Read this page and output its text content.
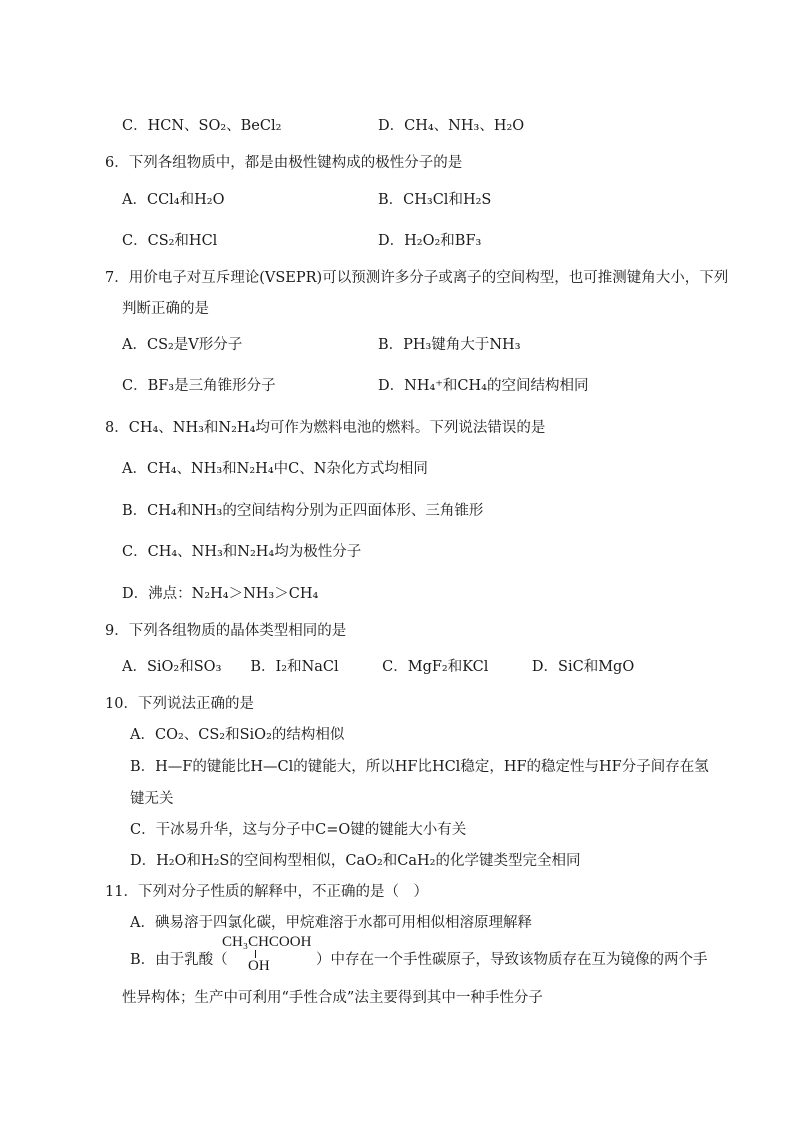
C．HCN、SO₂、BeCl₂	D．CH₄、NH₃、H₂O
6．下列各组物质中，都是由极性键构成的极性分子的是
A．CCl₄和H₂O	B．CH₃Cl和H₂S
C．CS₂和HCl	D．H₂O₂和BF₃
7．用价电子对互斥理论(VSEPR)可以预测许多分子或离子的空间构型，也可推测键角大小，下列
判断正确的是
A．CS₂是V形分子	B．PH₃键角大于NH₃
C．BF₃是三角锥形分子	D．NH₄⁺和CH₄的空间结构相同
8．CH₄、NH₃和N₂H₄均可作为燃料电池的燃料。下列说法错误的是
A．CH₄、NH₃和N₂H₄中C、N杂化方式均相同
B．CH₄和NH₃的空间结构分别为正四面体形、三角锥形
C．CH₄、NH₃和N₂H₄均为极性分子
D．沸点：N₂H₄＞NH₃＞CH₄
9．下列各组物质的晶体类型相同的是
A．SiO₂和SO₃　　B．I₂和NaCl　　　C．MgF₂和KCl　　　D．SiC和MgO
10．下列说法正确的是
A．CO₂、CS₂和SiO₂的结构相似
B．H—F的键能比H—Cl的键能大，所以HF比HCl稳定，HF的稳定性与HF分子间存在氢
键无关
C．干冰易升华，这与分子中C=O键的键能大小有关
D．H₂O和H₂S的空间构型相似，CaO₂和CaH₂的化学键类型完全相同
11．下列对分子性质的解释中，不正确的是（　）
A．碘易溶于四氯化碳，甲烷难溶于水都可用相似相溶原理解释
B．由于乳酸（
CH₃CHCOOH
OH	）中存在一个手性碳原子，导致该物质存在互为镜像的两个手
性异构体；生产中可利用“手性合成”法主要得到其中一种手性分子
